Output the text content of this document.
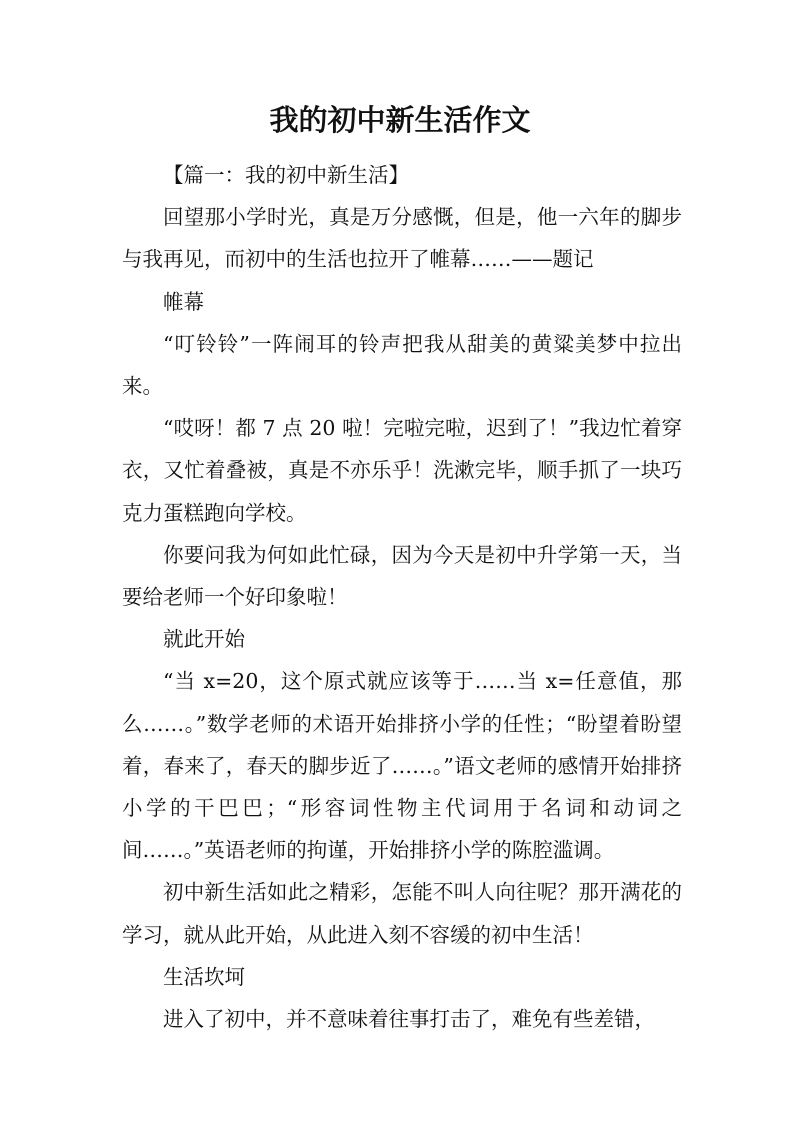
我的初中新生活作文

【篇一：我的初中新生活】

回望那小学时光，真是万分感慨，但是，他一六年的脚步与我再见，而初中的生活也拉开了帷幕……——题记

帷幕

“叮铃铃”一阵闹耳的铃声把我从甜美的黄粱美梦中拉出来。

“哎呀！都 7 点 20 啦！完啦完啦，迟到了！”我边忙着穿衣，又忙着叠被，真是不亦乐乎！洗漱完毕，顺手抓了一块巧克力蛋糕跑向学校。

你要问我为何如此忙碌，因为今天是初中升学第一天，当要给老师一个好印象啦！

就此开始

“当 x=20，这个原式就应该等于……当 x=任意值，那么……。”数学老师的术语开始排挤小学的任性；“盼望着盼望着，春来了，春天的脚步近了……。”语文老师的感情开始排挤小学的干巴巴；“形容词性物主代词用于名词和动词之间……。”英语老师的拘谨，开始排挤小学的陈腔滥调。

初中新生活如此之精彩，怎能不叫人向往呢？那开满花的学习，就从此开始，从此进入刻不容缓的初中生活！

生活坎坷

进入了初中，并不意味着往事打击了，难免有些差错，
